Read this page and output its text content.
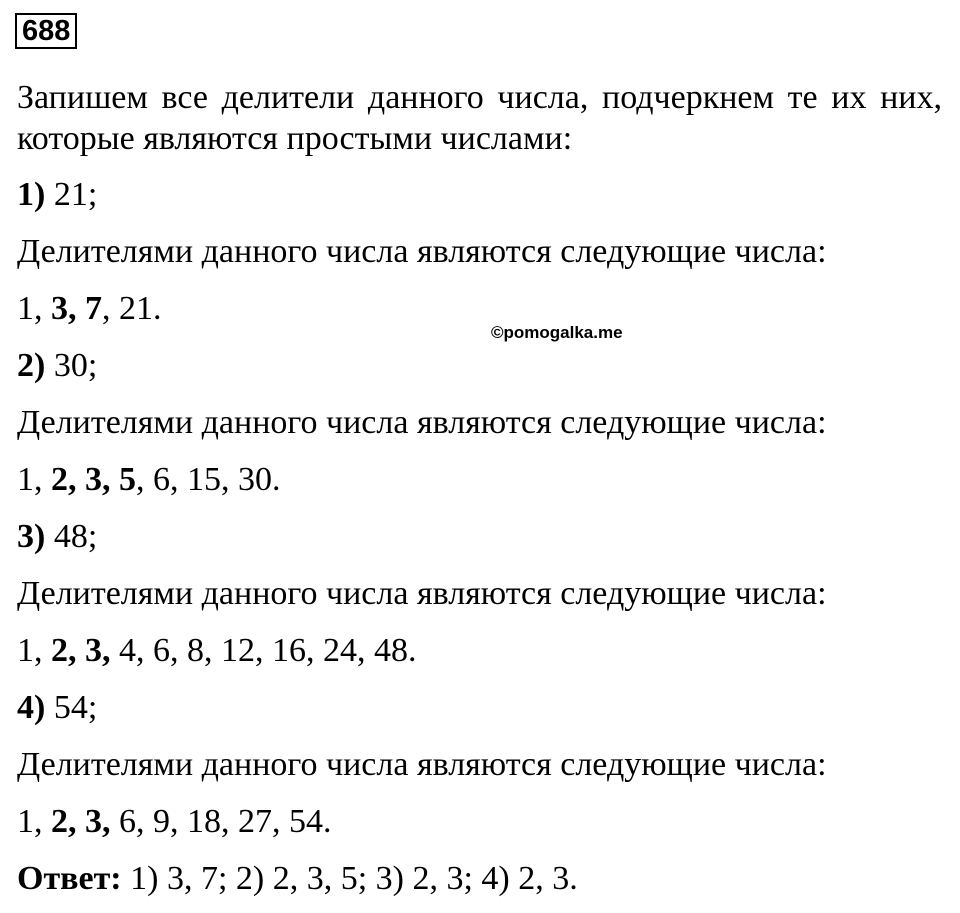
688
Запишем все делители данного числа, подчеркнем те их них, которые являются простыми числами:
©pomogalka.me
1) 21;
Делителями данного числа являются следующие числа:
1, 3, 7, 21.
2) 30;
Делителями данного числа являются следующие числа:
1, 2, 3, 5, 6, 15, 30.
3) 48;
Делителями данного числа являются следующие числа:
1, 2, 3, 4, 6, 8, 12, 16, 24, 48.
4) 54;
Делителями данного числа являются следующие числа:
1, 2, 3, 6, 9, 18, 27, 54.
Ответ: 1) 3, 7; 2) 2, 3, 5; 3) 2, 3; 4) 2, 3.
